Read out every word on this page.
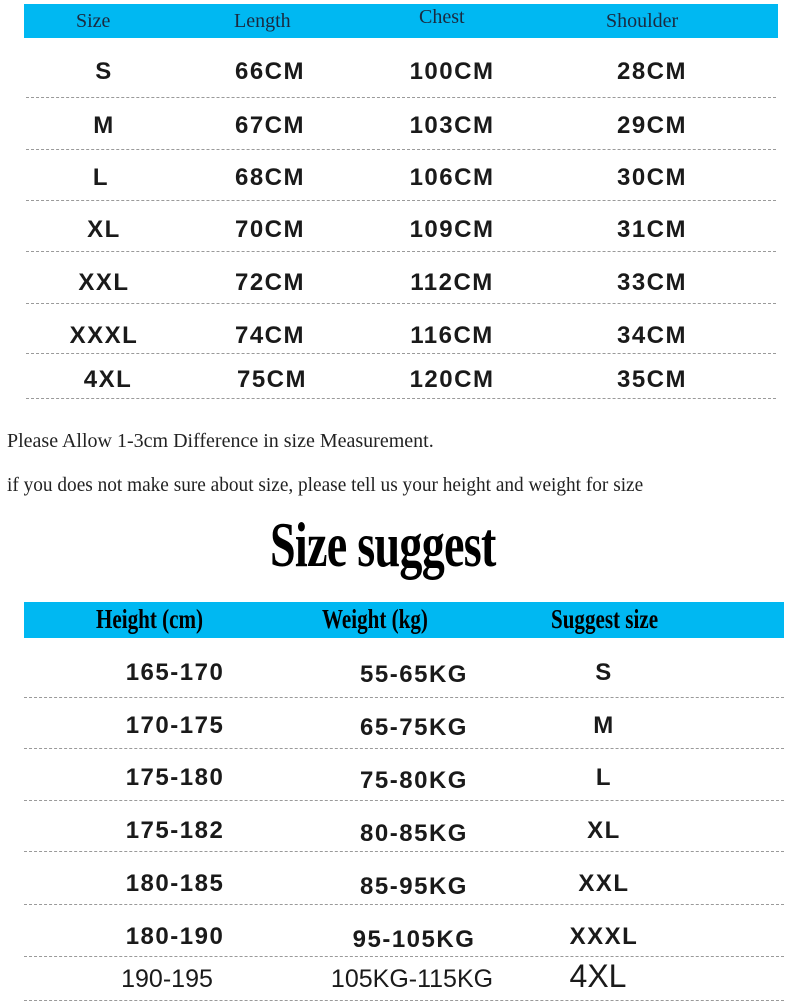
Size	Length	Chest	Shoulder
S	66CM	100CM	28CM
M	67CM	103CM	29CM
L	68CM	106CM	30CM
XL	70CM	109CM	31CM
XXL	72CM	112CM	33CM
XXXL	74CM	116CM	34CM
4XL	75CM	120CM	35CM
Please Allow 1-3cm Difference in size Measurement.
if you does not make sure about size, please tell us your height and weight for size
Size suggest
Height (cm)	Weight (kg)	Suggest size
165-170	55-65KG	S
170-175	65-75KG	M
175-180	75-80KG	L
175-182	80-85KG	XL
180-185	85-95KG	XXL
180-190	95-105KG	XXXL
190-195	105KG-115KG 4XL
